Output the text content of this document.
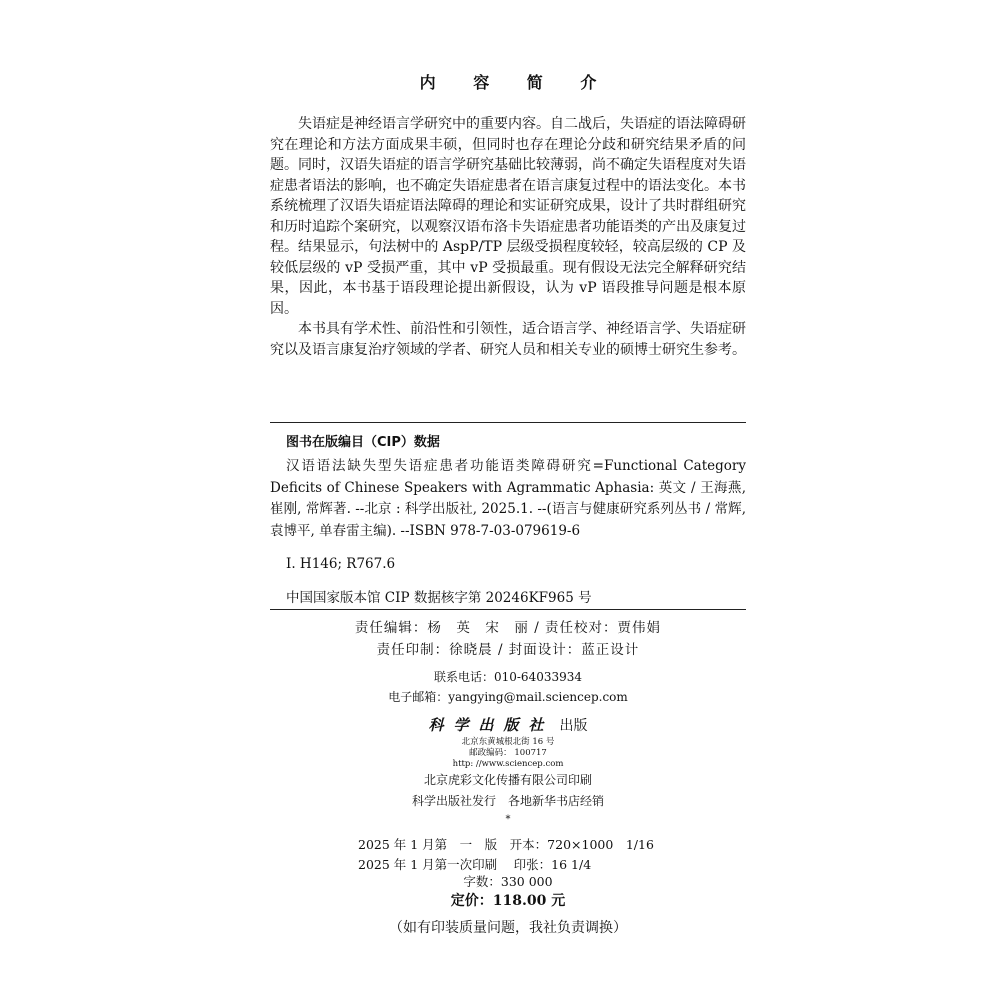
内 容 简 介

失语症是神经语言学研究中的重要内容。自二战后，失语症的语法障碍研究在理论和方法方面成果丰硕，但同时也存在理论分歧和研究结果矛盾的问题。同时，汉语失语症的语言学研究基础比较薄弱，尚不确定失语程度对失语症患者语法的影响，也不确定失语症患者在语言康复过程中的语法变化。本书系统梳理了汉语失语症语法障碍的理论和实证研究成果，设计了共时群组研究和历时追踪个案研究，以观察汉语布洛卡失语症患者功能语类的产出及康复过程。结果显示，句法树中的 AspP/TP 层级受损程度较轻，较高层级的 CP 及较低层级的 vP 受损严重，其中 vP 受损最重。现有假设无法完全解释研究结果，因此，本书基于语段理论提出新假设，认为 vP 语段推导问题是根本原因。

本书具有学术性、前沿性和引领性，适合语言学、神经语言学、失语症研究以及语言康复治疗领域的学者、研究人员和相关专业的硕博士研究生参考。

图书在版编目（CIP）数据
汉语语法缺失型失语症患者功能语类障碍研究=Functional Category Deficits of Chinese Speakers with Agrammatic Aphasia: 英文 / 王海燕, 崔刚, 常辉著. --北京 : 科学出版社, 2025.1. --(语言与健康研究系列丛书 / 常辉, 袁博平, 单春雷主编). --ISBN 978-7-03-079619-6
Ⅰ. H146; R767.6
中国国家版本馆 CIP 数据核字第 20246KF965 号
责任编辑：杨　英　宋　丽 / 责任校对：贾伟娟
责任印制：徐晓晨 / 封面设计：蓝正设计
联系电话：010-64033934
电子邮箱：yangying@mail.sciencep.com
科学出版社 出版
北京东黄城根北街 16 号
邮政编码： 100717
http: //www.sciencep.com
北京虎彩文化传播有限公司印刷
科学出版社发行　各地新华书店经销
*
2025 年 1 月第　一　版　开本：720×1000　1/16
2025 年 1 月第一次印刷　 印张：16 1/4
字数：330 000
定价：118.00 元
（如有印装质量问题，我社负责调换）
